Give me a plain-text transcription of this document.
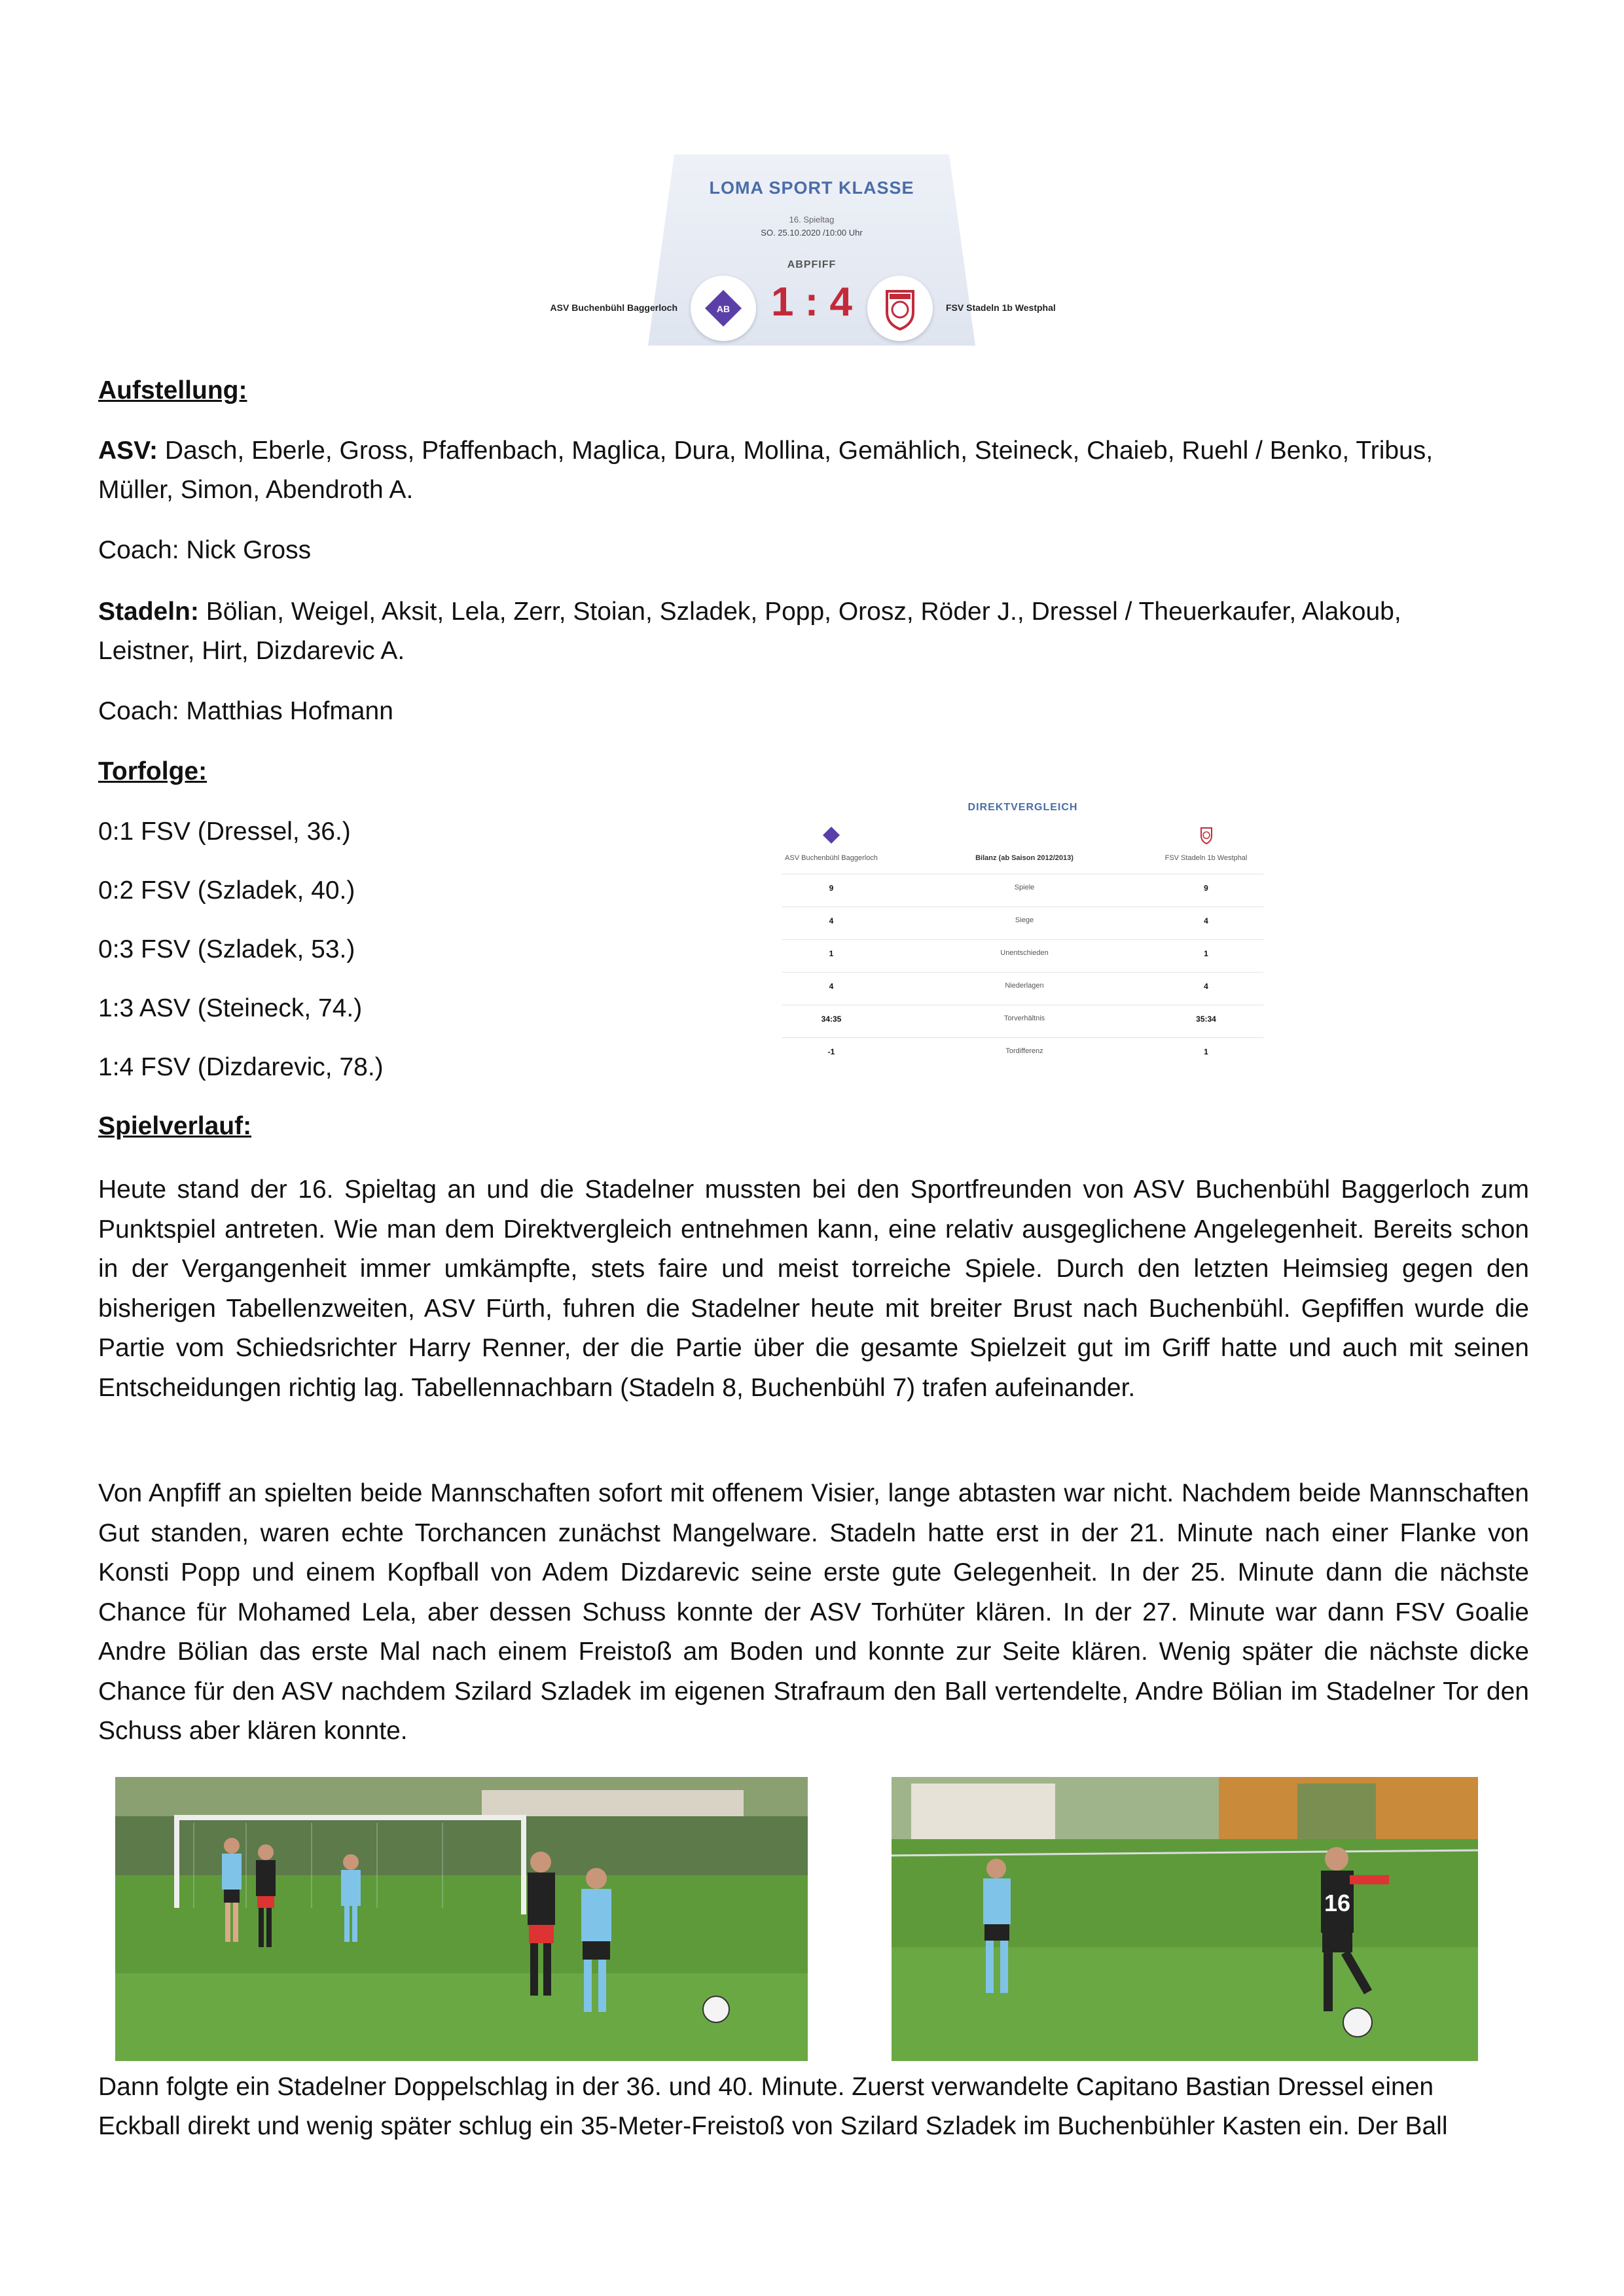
LOMA SPORT KLASSE
16. Spieltag
SO. 25.10.2020 /10:00 Uhr
ABPFIFF
ASV Buchenbühl Baggerloch	AB 1 : 4	FSV Stadeln 1b Westphal
Aufstellung:
ASV: Dasch, Eberle, Gross, Pfaffenbach, Maglica, Dura, Mollina, Gemählich, Steineck, Chaieb, Ruehl / Benko, Tribus,
Müller, Simon, Abendroth A.
Coach: Nick Gross
Stadeln: Bölian, Weigel, Aksit, Lela, Zerr, Stoian, Szladek, Popp, Orosz, Röder J., Dressel / Theuerkaufer, Alakoub,
Leistner, Hirt, Dizdarevic A.
Coach: Matthias Hofmann
Torfolge:
0:1 FSV (Dressel, 36.)
0:2 FSV (Szladek, 40.)
0:3 FSV (Szladek, 53.)
1:3 ASV (Steineck, 74.)
1:4 FSV (Dizdarevic, 78.)
DIREKTVERGLEICH
ASV Buchenbühl Baggerloch	Bilanz (ab Saison 2012/2013)	FSV Stadeln 1b Westphal
9	Spiele	9
4	Siege	4
1	Unentschieden	1
4	Niederlagen	4
34:35	Torverhältnis	35:34
-1	Tordifferenz	1
Spielverlauf:
Heute stand der 16. Spieltag an und die Stadelner mussten bei den Sportfreunden von ASV Buchenbühl Baggerloch zum Punktspiel antreten. Wie man dem Direktvergleich entnehmen kann, eine relativ ausgeglichene Angelegenheit. Bereits schon in der Vergangenheit immer umkämpfte, stets faire und meist torreiche Spiele. Durch den letzten Heimsieg gegen den bisherigen Tabellenzweiten, ASV Fürth, fuhren die Stadelner heute mit breiter Brust nach Buchenbühl. Gepfiffen wurde die Partie vom Schiedsrichter Harry Renner, der die Partie über die gesamte Spielzeit gut im Griff hatte und auch mit seinen Entscheidungen richtig lag. Tabellennachbarn (Stadeln 8, Buchenbühl 7) trafen aufeinander.
Von Anpfiff an spielten beide Mannschaften sofort mit offenem Visier, lange abtasten war nicht. Nachdem beide Mannschaften Gut standen, waren echte Torchancen zunächst Mangelware. Stadeln hatte erst in der 21. Minute nach einer Flanke von Konsti Popp und einem Kopfball von Adem Dizdarevic seine erste gute Gelegenheit. In der 25. Minute dann die nächste Chance für Mohamed Lela, aber dessen Schuss konnte der ASV Torhüter klären. In der 27. Minute war dann FSV Goalie Andre Bölian das erste Mal nach einem Freistoß am Boden und konnte zur Seite klären. Wenig später die nächste dicke Chance für den ASV nachdem Szilard Szladek im eigenen Strafraum den Ball vertendelte, Andre Bölian im Stadelner Tor den Schuss aber klären konnte.
16
Dann folgte ein Stadelner Doppelschlag in der 36. und 40. Minute. Zuerst verwandelte Capitano Bastian Dressel einen
Eckball direkt und wenig später schlug ein 35-Meter-Freistoß von Szilard Szladek im Buchenbühler Kasten ein. Der Ball
